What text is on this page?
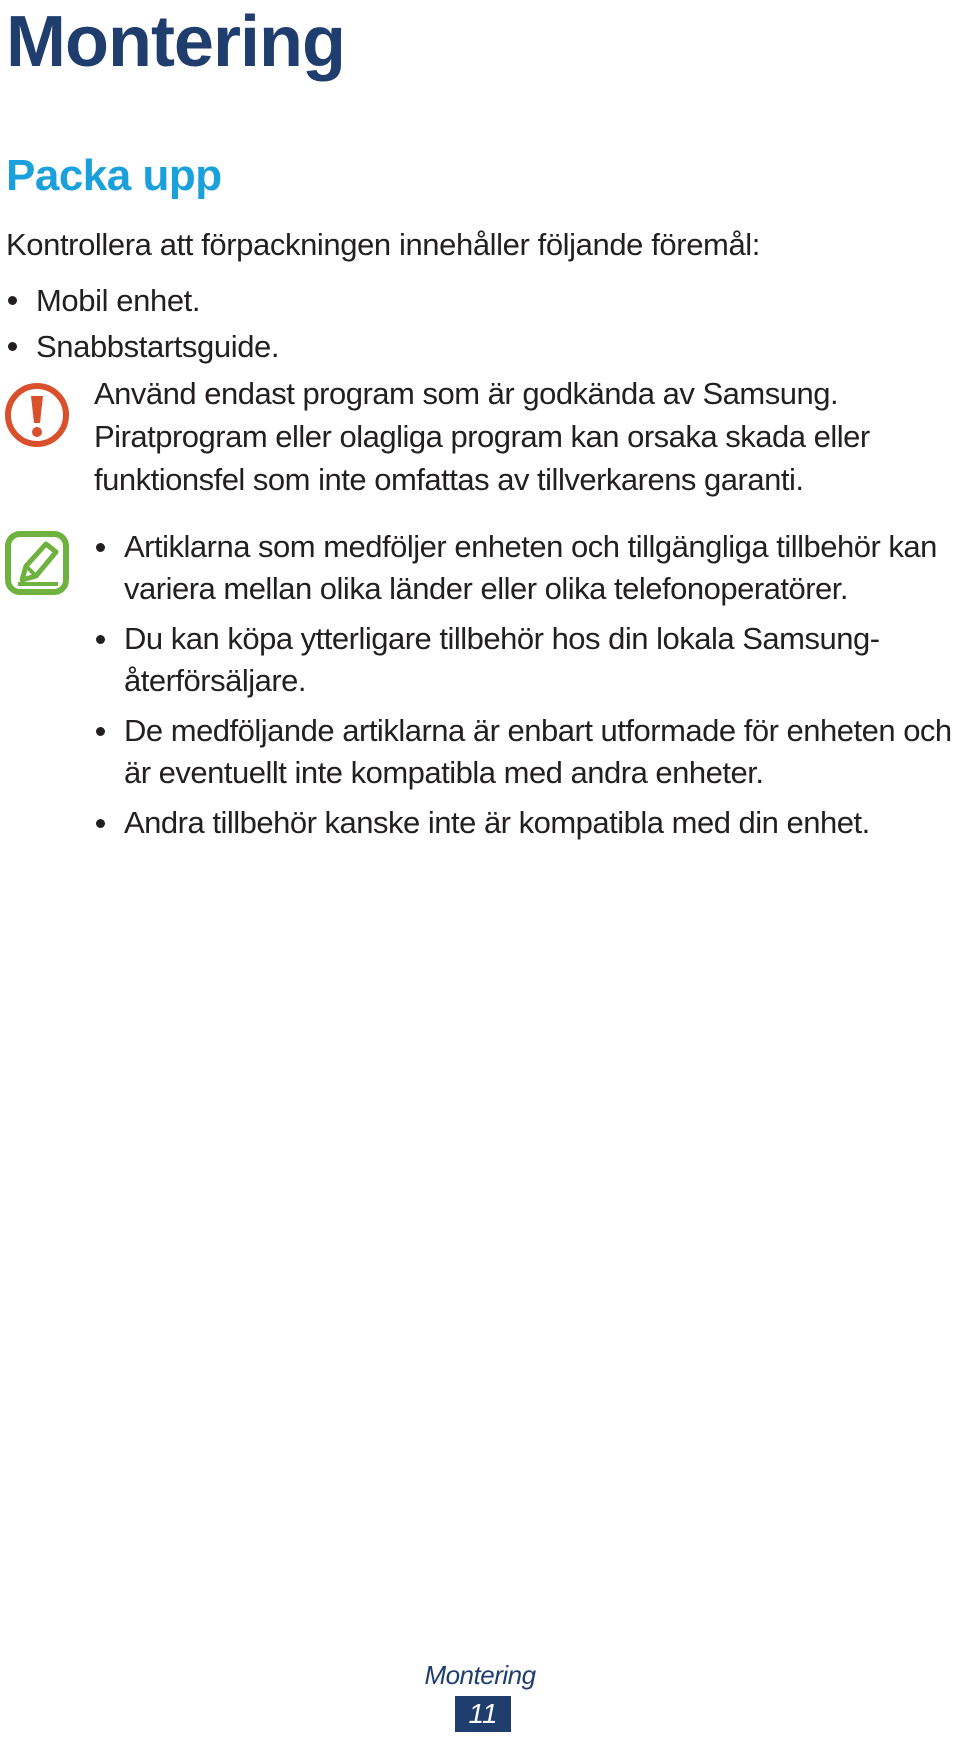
Montering
Packa upp

Kontrollera att förpackningen innehåller följande föremål:

Mobil enhet.
Snabbstartsguide.

Använd endast program som är godkända av Samsung.
Piratprogram eller olagliga program kan orsaka skada eller
funktionsfel som inte omfattas av tillverkarens garanti.

Artiklarna som medföljer enheten och tillgängliga tillbehör kan variera mellan olika länder eller olika telefonoperatörer.
Du kan köpa ytterligare tillbehör hos din lokala Samsung-återförsäljare.
De medföljande artiklarna är enbart utformade för enheten och är eventuellt inte kompatibla med andra enheter.
Andra tillbehör kanske inte är kompatibla med din enhet.
Montering
11
